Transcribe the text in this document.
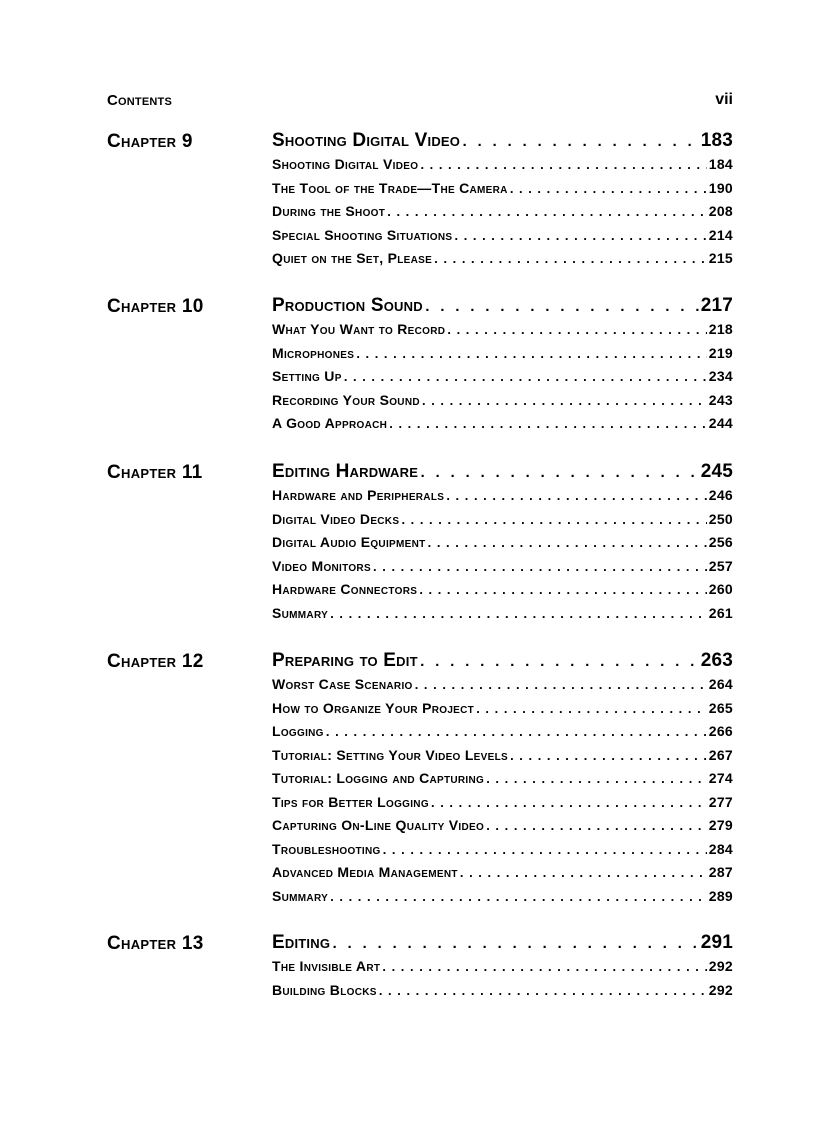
Contents	vii
Chapter 9	Shooting Digital Video . . .	183
Shooting Digital Video . . .	184
The Tool of the Trade—The Camera . . .	190
During the Shoot . . .	208
Special Shooting Situations . . .	214
Quiet on the Set, Please . . .	215
Chapter 10	Production Sound . . .	217
What You Want to Record . . .	218
Microphones . . .	219
Setting Up . . .	234
Recording Your Sound . . .	243
A Good Approach . . .	244
Chapter 11	Editing Hardware . . .	245
Hardware and Peripherals . . .	246
Digital Video Decks . . .	250
Digital Audio Equipment . . .	256
Video Monitors . . .	257
Hardware Connectors . . .	260
Summary . . .	261
Chapter 12	Preparing to Edit . . .	263
Worst Case Scenario . . .	264
How to Organize Your Project . . .	265
Logging . . .	266
Tutorial: Setting Your Video Levels . . .	267
Tutorial: Logging and Capturing . . .	274
Tips for Better Logging . . .	277
Capturing On-Line Quality Video . . .	279
Troubleshooting . . .	284
Advanced Media Management . . .	287
Summary . . .	289
Chapter 13	Editing . . .	291
The Invisible Art . . .	292
Building Blocks . . .	292
